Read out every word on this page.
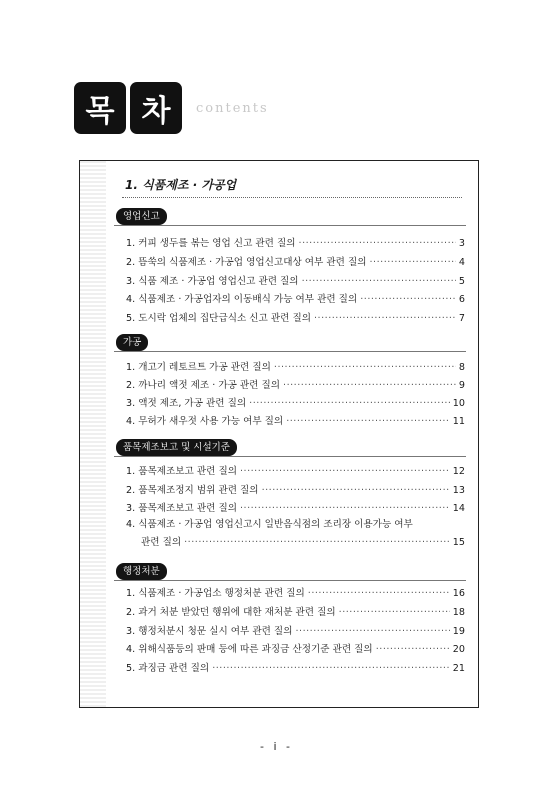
목 차	contents
1. 식품제조 · 가공업
영업신고
1. 커피 생두를 볶는 영업 신고 관련 질의 ·····	3
2. 뜸쑥의 식품제조 · 가공업 영업신고대상 여부 관련 질의 ·····	4
3. 식품 제조 · 가공업 영업신고 관련 질의 ·····	5
4. 식품제조 · 가공업자의 이동배식 가능 여부 관련 질의 ·····	6
5. 도시락 업체의 집단급식소 신고 관련 질의 ·····	7
가공
1. 개고기 레토르트 가공 관련 질의 ·····	8
2. 까나리 액젓 제조 · 가공 관련 질의 ·····	9
3. 액젓 제조, 가공 관련 질의 ·····	10
4. 무허가 새우젓 사용 가능 여부 질의 ·····	11
품목제조보고 및 시설기준
1. 품목제조보고 관련 질의 ·····	12
2. 품목제조정지 범위 관련 질의 ·····	13
3. 품목제조보고 관련 질의 ·····	14
4. 식품제조 · 가공업 영업신고시 일반음식점의 조리장 이용가능 여부
관련 질의 ·····	15
행정처분
1. 식품제조 · 가공업소 행정처분 관련 질의 ·····	16
2. 과거 처분 받았던 행위에 대한 재처분 관련 질의 ·····	18
3. 행정처분시 청문 실시 여부 관련 질의 ·····	19
4. 위해식품등의 판매 등에 따른 과징금 산정기준 관련 질의 ·····	20
5. 과징금 관련 질의 ·····	21
- i -
